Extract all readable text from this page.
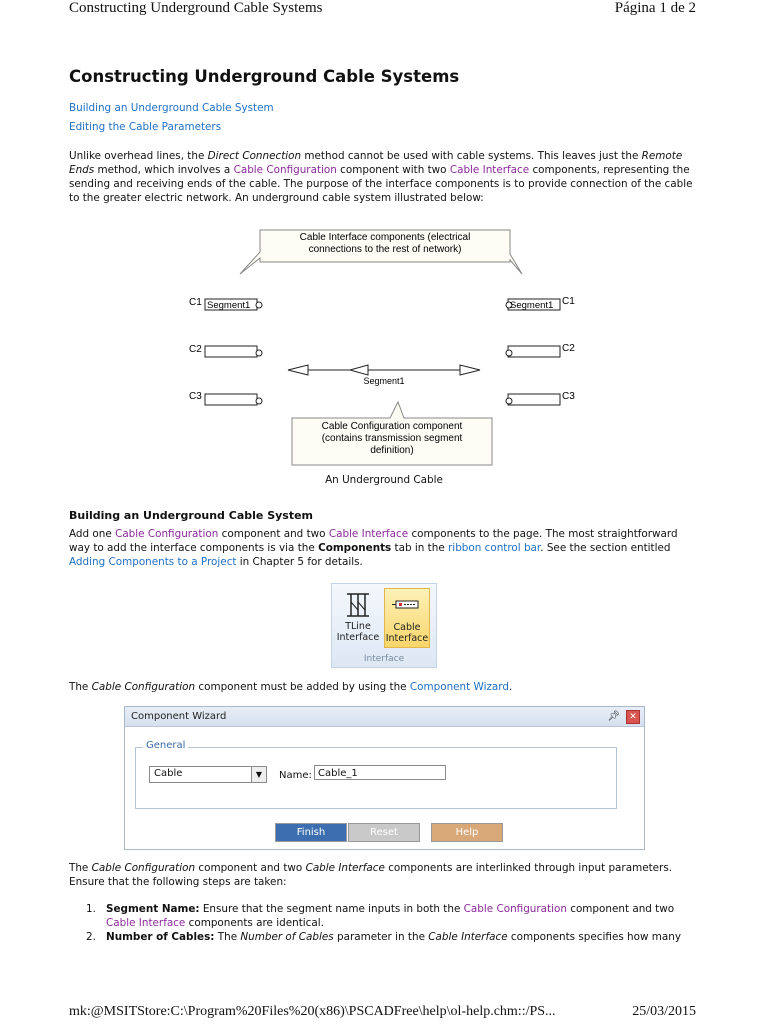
Constructing Underground Cable Systems	Página 1 de 2
Constructing Underground Cable Systems
Building an Underground Cable System
Editing the Cable Parameters
Unlike overhead lines, the Direct Connection method cannot be used with cable systems. This leaves just the Remote Ends method, which involves a Cable Configuration component with two Cable Interface components, representing the sending and receiving ends of the cable. The purpose of the interface components is to provide connection of the cable to the greater electric network. An underground cable system illustrated below:
Cable Interface components (electrical
connections to the rest of network)
C1 Segment1
C2
C3
Segment1 C1
C2
C3
Segment1
Cable Configuration component
(contains transmission segment
definition)
An Underground Cable
Building an Underground Cable System
Add one Cable Configuration component and two Cable Interface components to the page. The most straightforward way to add the interface components is via the Components tab in the ribbon control bar. See the section entitled Adding Components to a Project in Chapter 5 for details.
TLine
Interface
Cable
Interface
Interface
The Cable Configuration component must be added by using the Component Wizard.
Component Wizard	📌︎	✕
General
Cable	▼	Name: Cable_1
Finish	Reset	Help
The Cable Configuration component and two Cable Interface components are interlinked through input parameters. Ensure that the following steps are taken:
1. Segment Name: Ensure that the segment name inputs in both the Cable Configuration component and two Cable Interface components are identical.
2. Number of Cables: The Number of Cables parameter in the Cable Interface components specifies how many
mk:@MSITStore:C:\Program%20Files%20(x86)\PSCADFree\help\ol-help.chm::/PS...	25/03/2015
